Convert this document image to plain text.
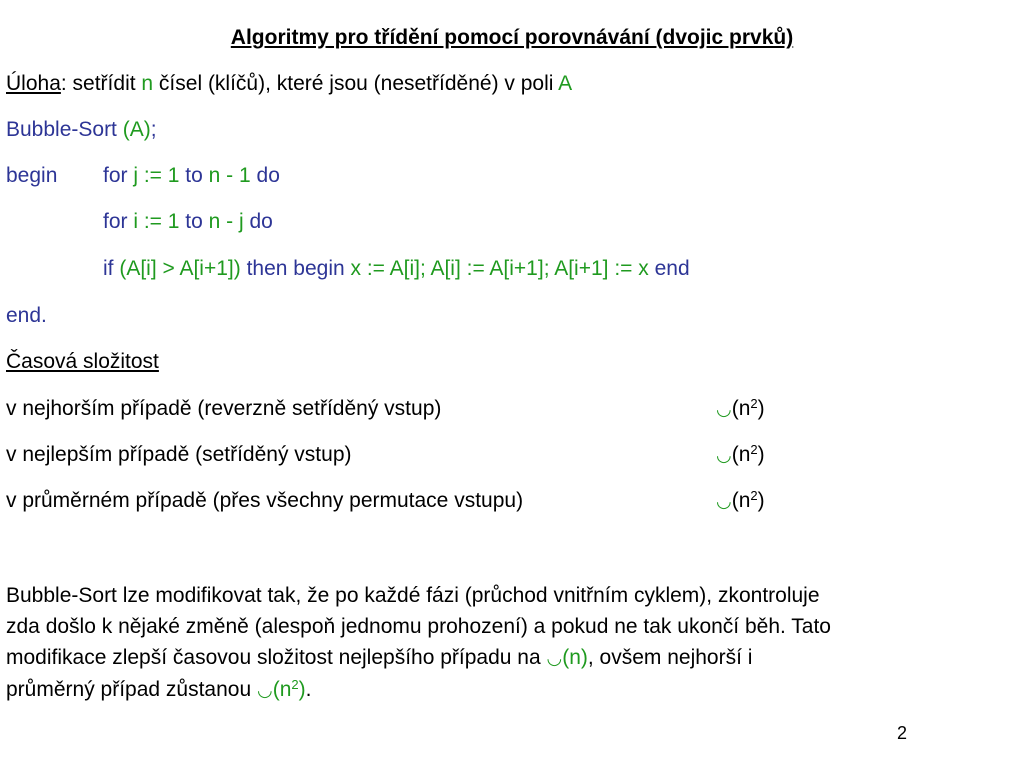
Algoritmy pro třídění pomocí porovnávání (dvojic prvků)
Úloha: setřídit n čísel (klíčů), které jsou (nesetříděné) v poli A
Bubble-Sort (A);
begin for j := 1 to n - 1 do
for i := 1 to n - j do
if (A[i] > A[i+1]) then begin x := A[i]; A[i] := A[i+1]; A[i+1] := x end
end.
Časová složitost
v nejhorším případě (reverzně setříděný vstup)	$◡(n^2)$
v nejlepším případě (setříděný vstup)	$◡(n^2)$
v průměrném případě (přes všechny permutace vstupu)	$◡(n^2)$
Bubble-Sort lze modifikovat tak, že po každé fázi (průchod vnitřním cyklem), zkontroluje
zda došlo k nějaké změně (alespoň jednomu prohození) a pokud ne tak ukončí běh. Tato
modifikace zlepší časovou složitost nejlepšího případu na ◡(n), ovšem nejhorší i
průměrný případ zůstanou $◡(n^2)$.
2
